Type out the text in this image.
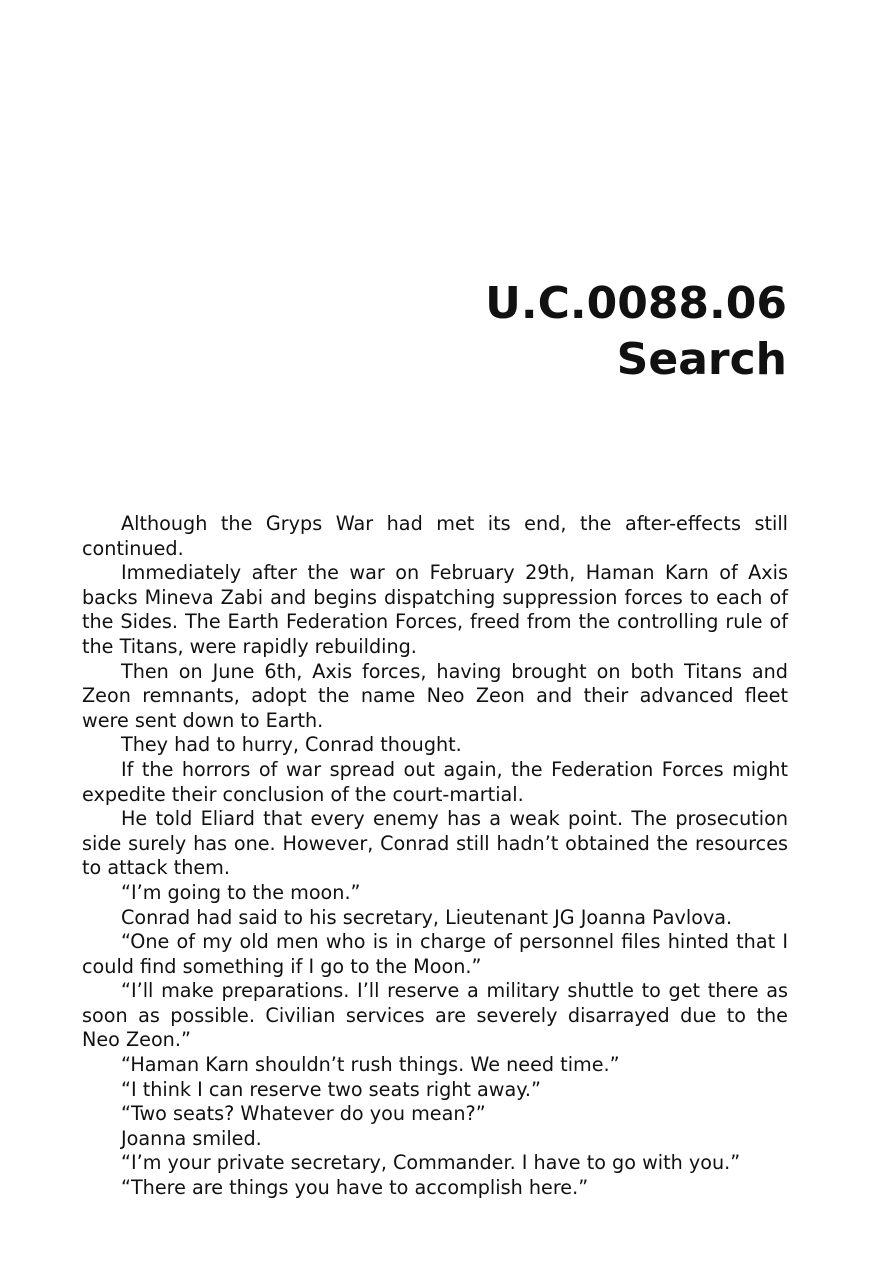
U.C.0088.06
Search

Although the Gryps War had met its end, the after-effects still continued.

Immediately after the war on February 29th, Haman Karn of Axis backs Mineva Zabi and begins dispatching suppression forces to each of the Sides. The Earth Federation Forces, freed from the controlling rule of the Titans, were rapidly rebuilding.

Then on June 6th, Axis forces, having brought on both Titans and Zeon remnants, adopt the name Neo Zeon and their advanced fleet were sent down to Earth.

They had to hurry, Conrad thought.

If the horrors of war spread out again, the Federation Forces might expedite their conclusion of the court-martial.

He told Eliard that every enemy has a weak point. The prosecution side surely has one. However, Conrad still hadn’t obtained the resources to attack them.

“I’m going to the moon.”

Conrad had said to his secretary, Lieutenant JG Joanna Pavlova.

“One of my old men who is in charge of personnel files hinted that I could find something if I go to the Moon.”

“I’ll make preparations. I’ll reserve a military shuttle to get there as soon as possible. Civilian services are severely disarrayed due to the Neo Zeon.”

“Haman Karn shouldn’t rush things. We need time.”

“I think I can reserve two seats right away.”

“Two seats? Whatever do you mean?”

Joanna smiled.

“I’m your private secretary, Commander. I have to go with you.”

“There are things you have to accomplish here.”
